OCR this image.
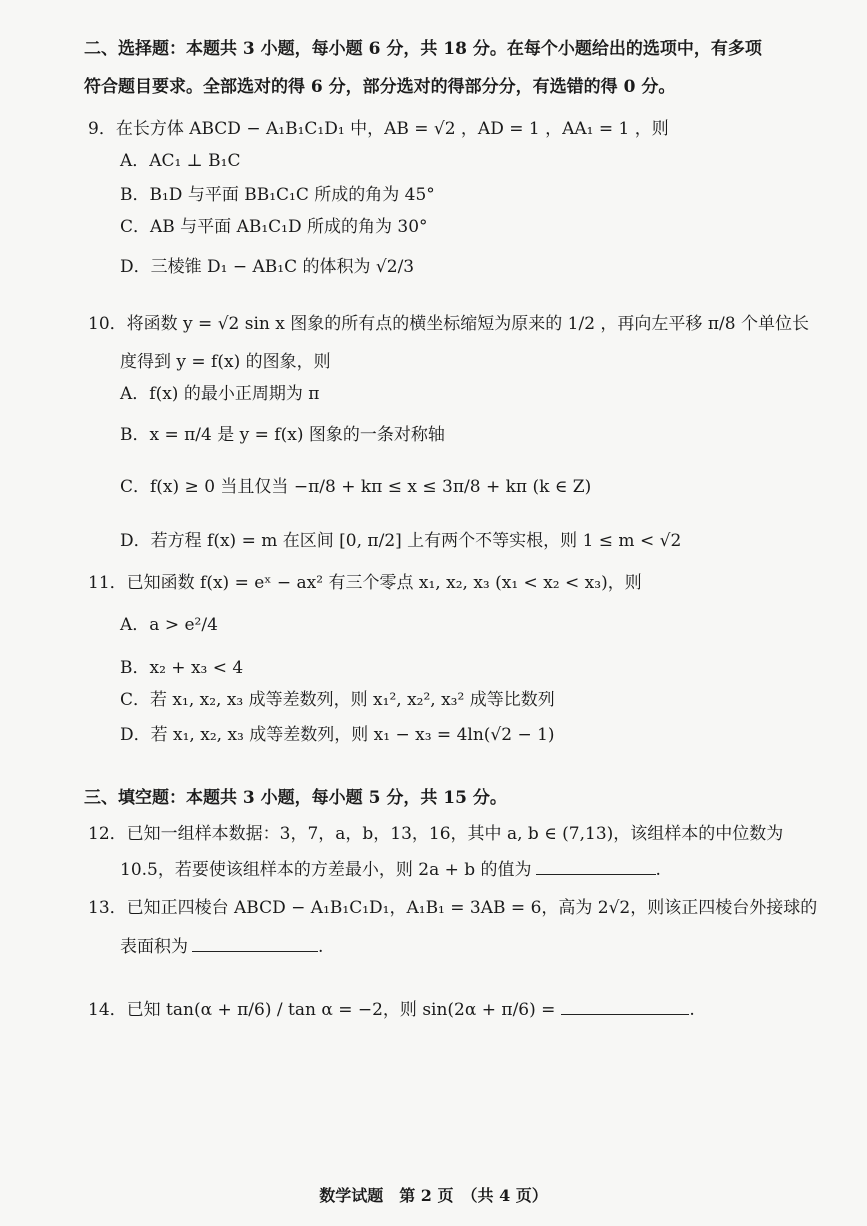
二、选择题：本题共 3 小题，每小题 6 分，共 18 分。在每个小题给出的选项中，有多项
符合题目要求。全部选对的得 6 分，部分选对的得部分分，有选错的得 0 分。
9．在长方体 ABCD − A₁B₁C₁D₁ 中，AB = √2 ，AD = 1 ，AA₁ = 1 ，则
A．AC₁ ⊥ B₁C
B．B₁D 与平面 BB₁C₁C 所成的角为 45°
C．AB 与平面 AB₁C₁D 所成的角为 30°
D．三棱锥 D₁ − AB₁C 的体积为 √2/3
10．将函数 y = √2 sin x 图象的所有点的横坐标缩短为原来的 1/2 ，再向左平移 π/8 个单位长
度得到 y = f(x) 的图象，则
A．f(x) 的最小正周期为 π
B．x = π/4 是 y = f(x) 图象的一条对称轴
C．f(x) ≥ 0 当且仅当 −π/8 + kπ ≤ x ≤ 3π/8 + kπ (k ∈ Z)
D．若方程 f(x) = m 在区间 [0, π/2] 上有两个不等实根，则 1 ≤ m < √2
11．已知函数 f(x) = eˣ − ax² 有三个零点 x₁, x₂, x₃ (x₁ < x₂ < x₃)，则
A．a > e²/4
B．x₂ + x₃ < 4
C．若 x₁, x₂, x₃ 成等差数列，则 x₁², x₂², x₃² 成等比数列
D．若 x₁, x₂, x₃ 成等差数列，则 x₁ − x₃ = 4ln(√2 − 1)
三、填空题：本题共 3 小题，每小题 5 分，共 15 分。
12．已知一组样本数据：3，7，a，b，13，16，其中 a, b ∈ (7,13)，该组样本的中位数为
10.5，若要使该组样本的方差最小，则 2a + b 的值为	.
13．已知正四棱台 ABCD − A₁B₁C₁D₁，A₁B₁ = 3AB = 6，高为 2√2，则该正四棱台外接球的
表面积为	.
14．已知 tan(α + π/6) / tan α = −2，则 sin(2α + π/6) =	.
数学试题　第 2 页　（共 4 页）
